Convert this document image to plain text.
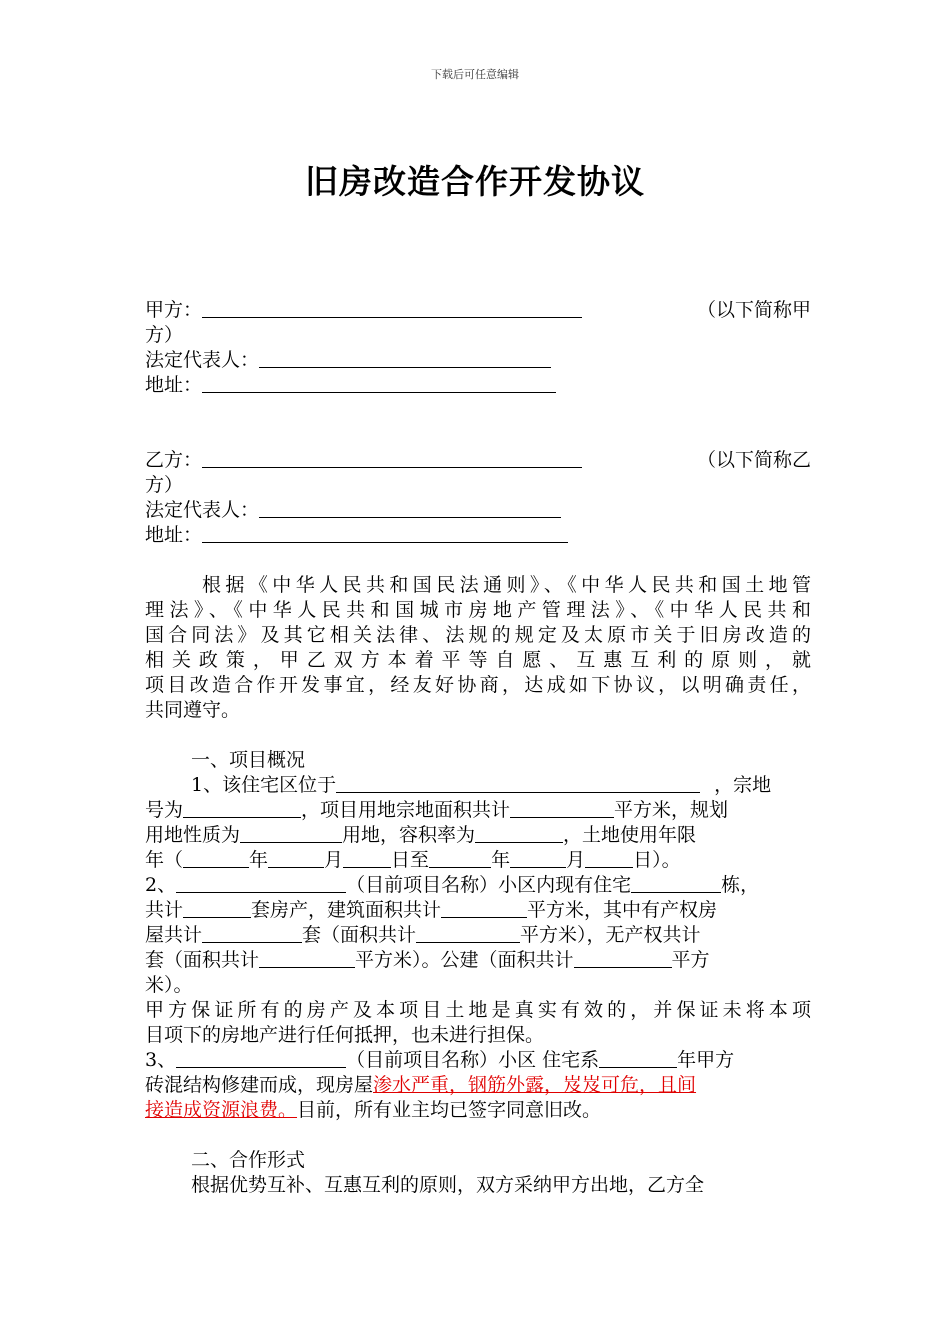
下载后可任意编辑
旧房改造合作开发协议
甲方：	（以下简称甲
方）
法定代表人：
地址：
乙方：	（以下简称乙
方）
法定代表人：
地址：
根据《中华人民共和国民法通则》、《中华人民共和国土地管
理法》、《中华人民共和国城市房地产管理法》、《中华人民共和
国合同法》及其它相关法律、法规的规定及太原市关于旧房改造的
相关政策，甲乙双方本着平等自愿、互惠互利的原则，就
项目改造合作开发事宜，经友好协商，达成如下协议，以明确责任，
共同遵守。
一、项目概况
1、该住宅区位于	，宗地
号为	，项目用地宗地面积共计	平方米，规划
用地性质为	用地，容积率为	，土地使用年限
年（	年	月	日至	年	月	日）。
2、	（目前项目名称）小区内现有住宅	栋，
共计	套房产，建筑面积共计	平方米，其中有产权房
屋共计	套（面积共计	平方米），无产权共计
套（面积共计	平方米）。公建（面积共计	平方
米）。
甲方保证所有的房产及本项目土地是真实有效的，并保证未将本项
目项下的房地产进行任何抵押，也未进行担保。
3、	（目前项目名称）小区 住宅系	年甲方
砖混结构修建而成，现房屋渗水严重，钢筋外露，岌岌可危，且间
接造成资源浪费。目前，所有业主均已签字同意旧改。
二、合作形式
根据优势互补、互惠互利的原则，双方采纳甲方出地，乙方全
